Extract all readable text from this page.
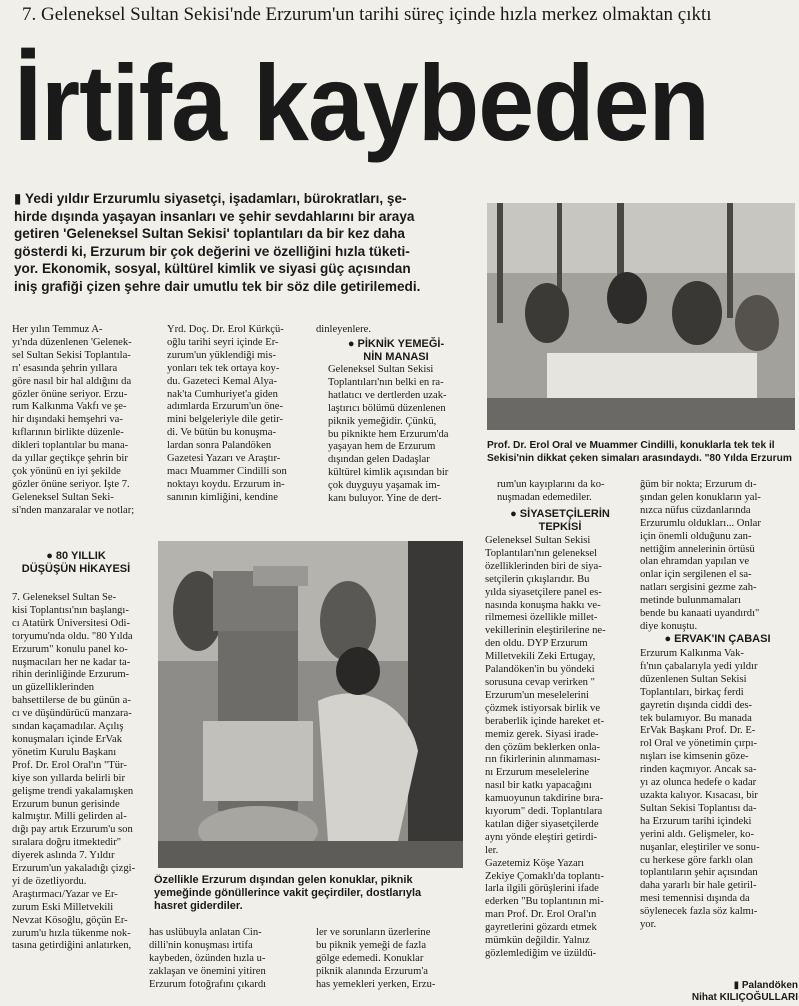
7. Geleneksel Sultan Sekisi'nde Erzurum'un tarihi süreç içinde hızla merkez olmaktan çıktı
İrtifa kaybeden
▮ Yedi yıldır Erzurumlu siyasetçi, işadamları, bürokratları, şe-
hirde dışında yaşayan insanları ve şehir sevdahlarını bir araya
getiren 'Geleneksel Sultan Sekisi' toplantıları da bir kez daha
gösterdi ki, Erzurum bir çok değerini ve özelliğini hızla tüketi-
yor. Ekonomik, sosyal, kültürel kimlik ve siyasi güç açısından
iniş grafiği çizen şehre dair umutlu tek bir söz dile getirilemedi.
Prof. Dr. Erol Oral ve Muammer Cindilli, konuklarla tek tek il
Sekisi'nin dikkat çeken simaları arasındaydı. "80 Yılda Erzurum
Özellikle Erzurum dışından gelen konuklar, piknik
yemeğinde gönüllerince vakit geçirdiler, dostlarıyla
hasret giderdiler.
Her yılın Temmuz A-
yı'nda düzenlenen 'Gelenek-
sel Sultan Sekisi Toplantıla-
rı' esasında şehrin yıllara
göre nasıl bir hal aldığını da
gözler önüne seriyor. Erzu-
rum Kalkınma Vakfı ve şe-
hir dışındaki hemşehri va-
kıflarının birlikte düzenle-
dikleri toplantılar bu mana-
da yıllar geçtikçe şehrin bir
çok yönünü en iyi şekilde
gözler önüne seriyor. İşte 7.
Geleneksel Sultan Seki-
si'nden manzaralar ve notlar;
● 80 YILLIK
DÜŞÜŞÜN HİKAYESİ
7. Geleneksel Sultan Se-
kisi Toplantısı'nın başlangı-
cı Atatürk Üniversitesi Odi-
toryumu'nda oldu. "80 Yılda
Erzurum" konulu panel ko-
nuşmacıları her ne kadar ta-
rihin derinliğinde Erzurum-
un güzelliklerinden
bahsettilerse de bu günün a-
cı ve düşündürücü manzara-
sından kaçamadılar. Açılış
konuşmaları içinde ErVak
yönetim Kurulu Başkanı
Prof. Dr. Erol Oral'ın "Tür-
kiye son yıllarda belirli bir
gelişme trendi yakalamışken
Erzurum bunun gerisinde
kalmıştır. Milli gelirden al-
dığı pay artık Erzurum'u son
sıralara doğru itmektedir"
diyerek aslında 7. Yıldır
Erzurum'un yakaladığı çizgi-
yi de özetliyordu.
Araştırmacı/Yazar ve Er-
zurum Eski Milletvekili
Nevzat Kösoğlu, göçün Er-
zurum'u hızla tükenme nok-
tasına getirdiğini anlatırken,
Yrd. Doç. Dr. Erol Kürkçü-
oğlu tarihi seyri içinde Er-
zurum'un yüklendiği mis-
yonları tek tek ortaya koy-
du. Gazeteci Kemal Alya-
nak'ta Cumhuriyet'a giden
adımlarda Erzurum'un öne-
mini belgeleriyle dile getir-
di. Ve bütün bu konuşma-
lardan sonra Palandöken
Gazetesi Yazarı ve Araştır-
macı Muammer Cindilli son
noktayı koydu. Erzurum in-
sanının kimliğini, kendine
has uslübuyla anlatan Cin-
dilli'nin konuşması irtifa
kaybeden, özünden hızla u-
zaklaşan ve önemini yitiren
Erzurum fotoğrafını çıkardı
dinleyenlere.
● PİKNİK YEMEĞİ-
NİN MANASI
Geleneksel Sultan Sekisi
Toplantıları'nın belki en ra-
hatlatıcı ve dertlerden uzak-
laştırıcı bölümü düzenlenen
piknik yemeğidir. Çünkü,
bu piknikte hem Erzurum'da
yaşayan hem de Erzurum
dışından gelen Dadaşlar
kültürel kimlik açısından bir
çok duyguyu yaşamak im-
kanı buluyor. Yine de dert-
ler ve sorunların üzerlerine
bu piknik yemeği de fazla
gölge edemedi. Konuklar
piknik alanında Erzurum'a
has yemekleri yerken, Erzu-
rum'un kayıplarını da ko-
nuşmadan edemediler.
● SİYASETÇİLERİN
TEPKİSİ
Geleneksel Sultan Sekisi
Toplantıları'nın geleneksel
özelliklerinden biri de siya-
setçilerin çıkışlarıdır. Bu
yılda siyasetçilere panel es-
nasında konuşma hakkı ve-
rilmemesi özellikle millet-
vekillerinin eleştirilerine ne-
den oldu. DYP Erzurum
Milletvekili Zeki Ertugay,
Palandöken'in bu yöndeki
sorusuna cevap verirken "
Erzurum'un meselelerini
çözmek istiyorsak birlik ve
beraberlik içinde hareket et-
memiz gerek. Siyasi irade-
den çözüm beklerken onla-
rın fikirlerinin alınmaması-
nı Erzurum meselelerine
nasıl bir katkı yapacağını
kamuoyunun takdirine bıra-
kıyorum" dedi. Toplantılara
katılan diğer siyasetçilerde
aynı yönde eleştiri getirdi-
ler.
Gazetemiz Köşe Yazarı
Zekiye Çomaklı'da toplantı-
larla ilgili görüşlerini ifade
ederken "Bu toplantının mi-
marı Prof. Dr. Erol Oral'ın
gayretlerini gözardı etmek
mümkün değildir. Yalnız
gözlemlediğim ve üzüldü-
ğüm bir nokta; Erzurum dı-
şından gelen konukların yal-
nızca nüfus cüzdanlarında
Erzurumlu oldukları... Onlar
için önemli olduğunu zan-
nettiğim annelerinin örtüsü
olan ehramdan yapılan ve
onlar için sergilenen el sa-
natları sergisini gezme zah-
metinde bulunmamaları
bende bu kanaati uyandırdı"
diye konuştu.
● ERVAK'IN ÇABASI
Erzurum Kalkınma Vak-
fı'nın çabalarıyla yedi yıldır
düzenlenen Sultan Sekisi
Toplantıları, birkaç ferdi
gayretin dışında ciddi des-
tek bulamıyor. Bu manada
ErVak Başkanı Prof. Dr. E-
rol Oral ve yönetimin çırpı-
nışları ise kimsenin göze-
rinden kaçmıyor. Ancak sa-
yı az olunca hedefe o kadar
uzakta kalıyor. Kısacası, bir
Sultan Sekisi Toplantısı da-
ha Erzurum tarihi içindeki
yerini aldı. Gelişmeler, ko-
nuşanlar, eleştiriler ve sonu-
cu herkese göre farklı olan
toplantıların şehir açısından
daha yararlı bir hale getiril-
mesi temennisi dışında da
söylenecek fazla söz kalmı-
yor.
▮ Palandöken
Nihat KILIÇOĞULLARI
